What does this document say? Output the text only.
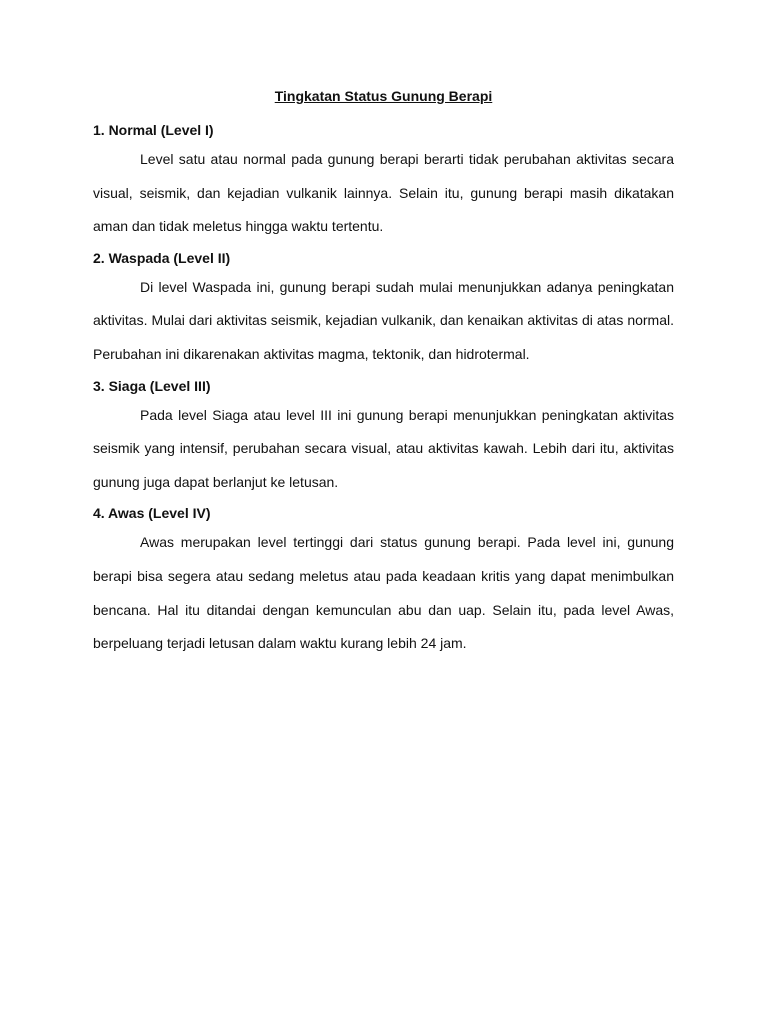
Tingkatan Status Gunung Berapi
1. Normal (Level I)

Level satu atau normal pada gunung berapi berarti tidak perubahan aktivitas secara visual, seismik, dan kejadian vulkanik lainnya. Selain itu, gunung berapi masih dikatakan aman dan tidak meletus hingga waktu tertentu.

2. Waspada (Level II)

Di level Waspada ini, gunung berapi sudah mulai menunjukkan adanya peningkatan aktivitas. Mulai dari aktivitas seismik, kejadian vulkanik, dan kenaikan aktivitas di atas normal. Perubahan ini dikarenakan aktivitas magma, tektonik, dan hidrotermal.

3. Siaga (Level III)

Pada level Siaga atau level III ini gunung berapi menunjukkan peningkatan aktivitas seismik yang intensif, perubahan secara visual, atau aktivitas kawah. Lebih dari itu, aktivitas gunung juga dapat berlanjut ke letusan.

4. Awas (Level IV)

Awas merupakan level tertinggi dari status gunung berapi. Pada level ini, gunung berapi bisa segera atau sedang meletus atau pada keadaan kritis yang dapat menimbulkan bencana. Hal itu ditandai dengan kemunculan abu dan uap. Selain itu, pada level Awas, berpeluang terjadi letusan dalam waktu kurang lebih 24 jam.
